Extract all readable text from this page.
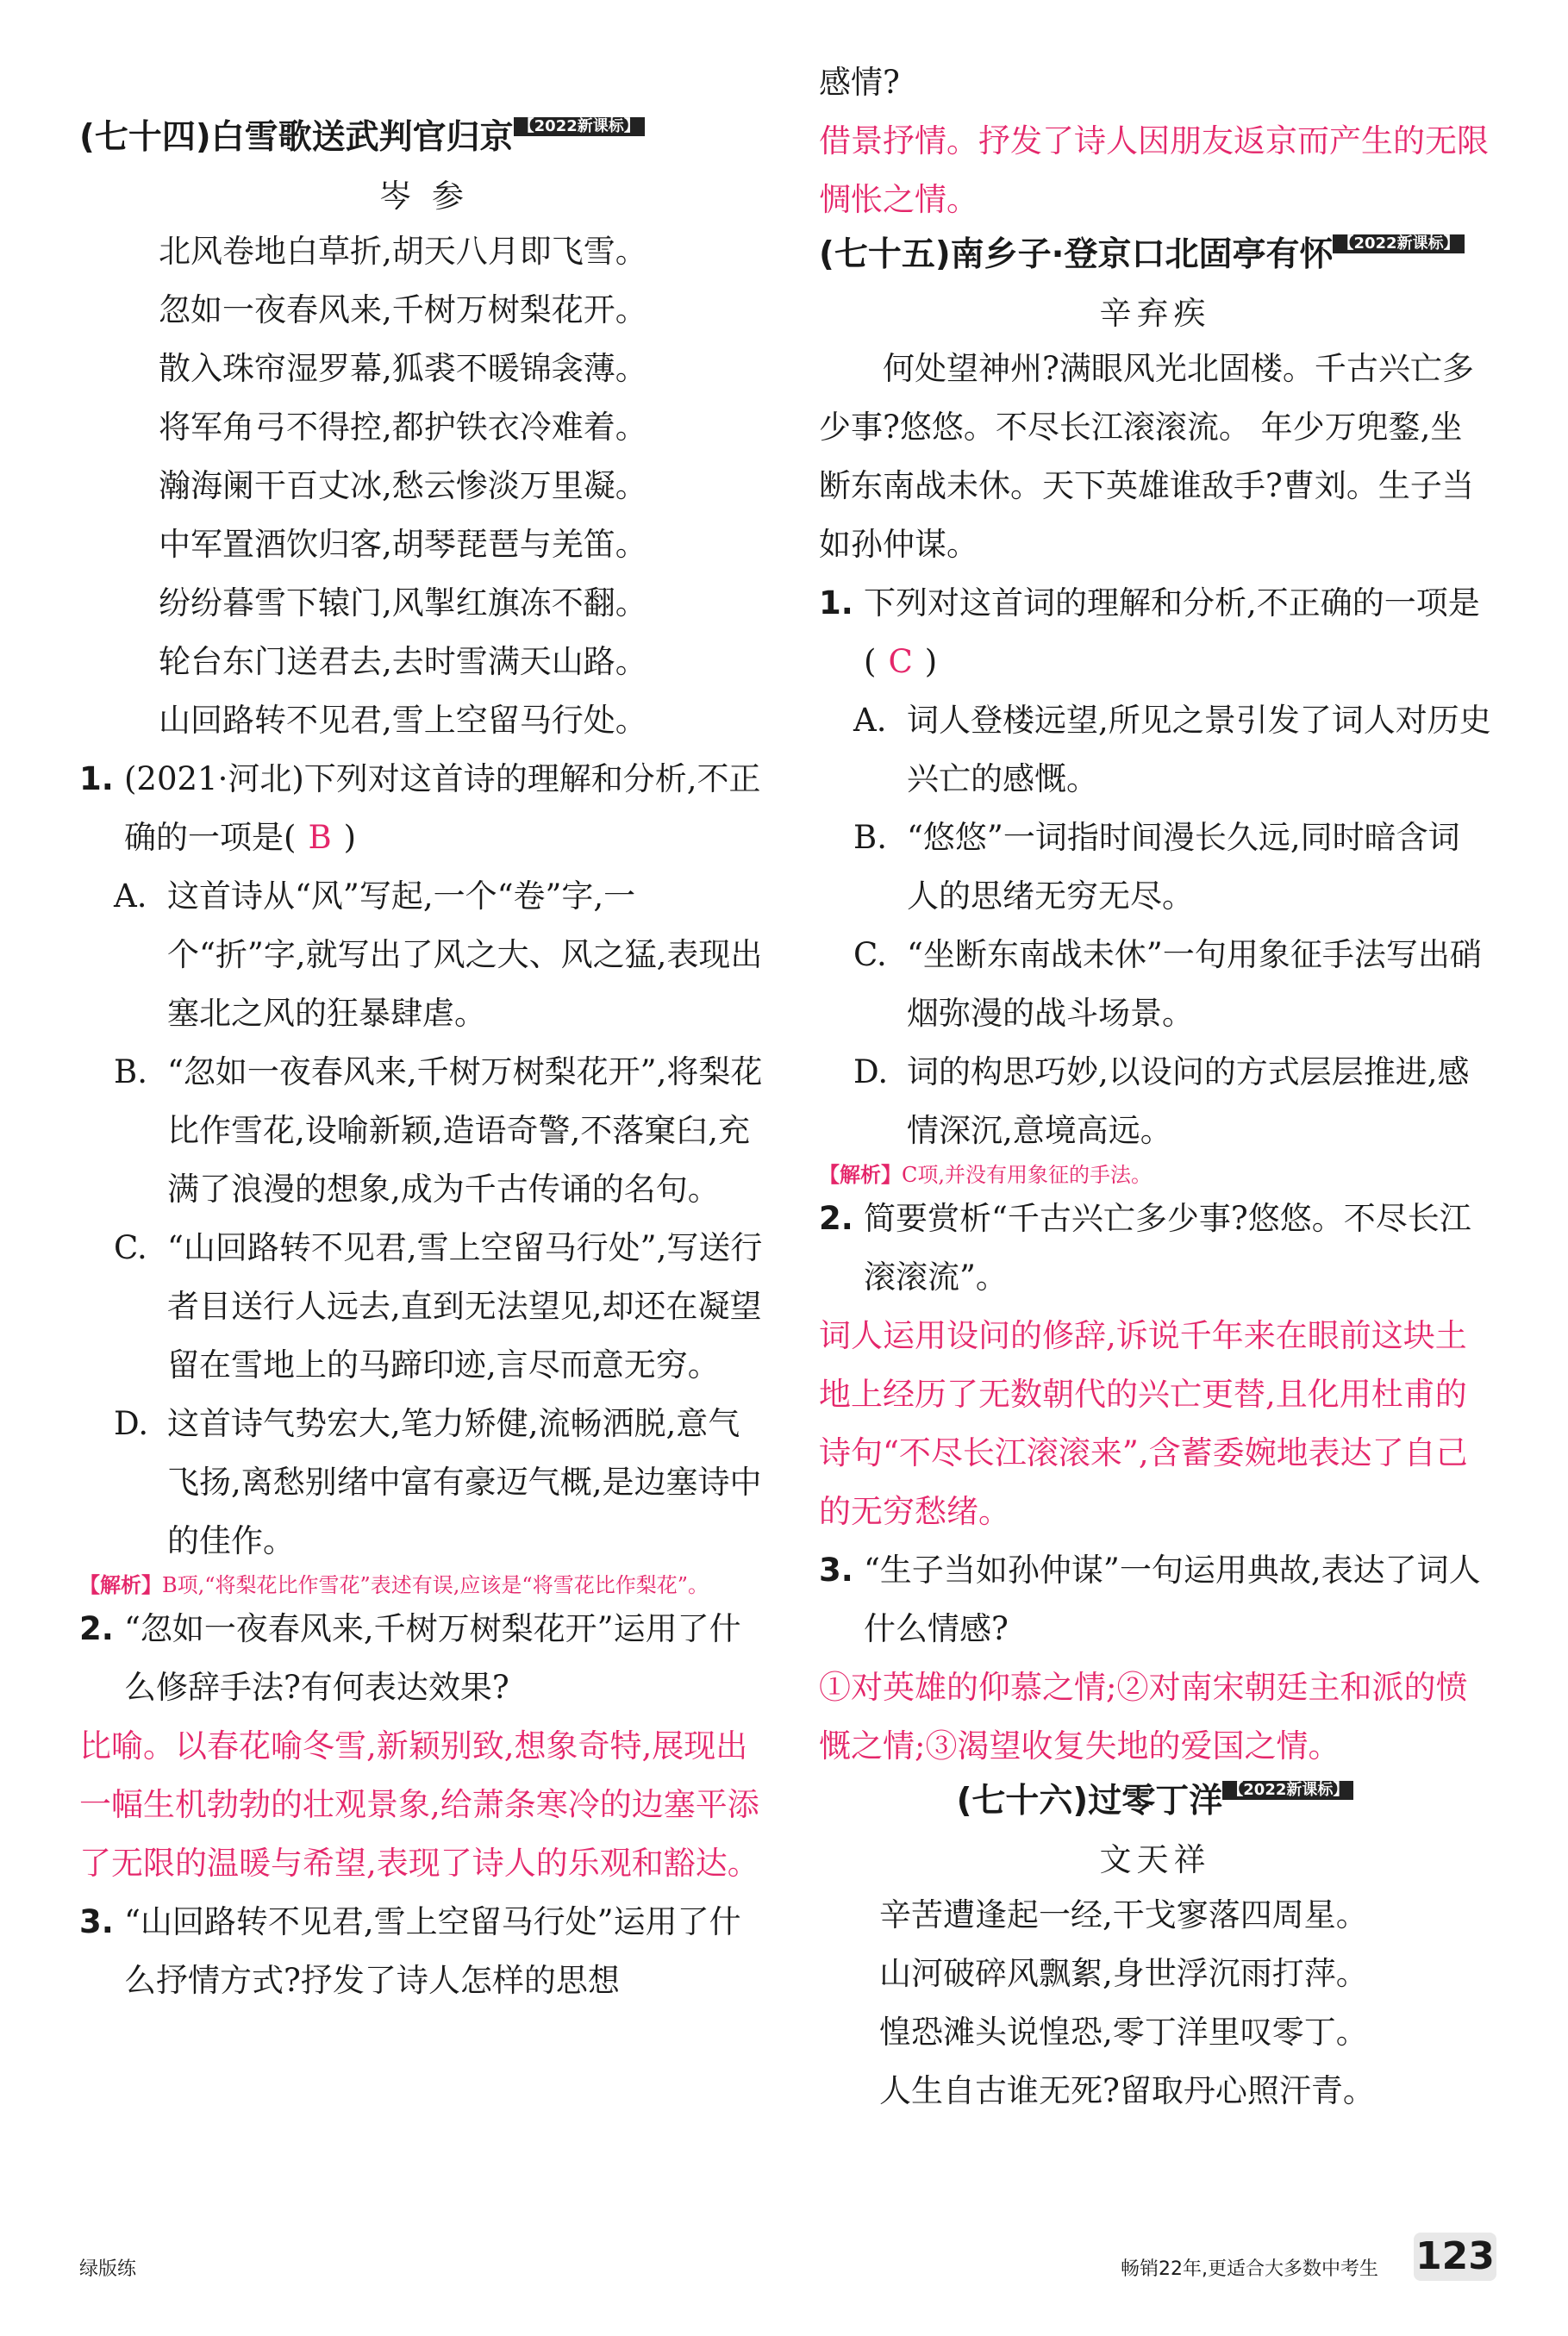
(七十四)白雪歌送武判官归京 【2022新课标】
岑 参
北风卷地白草折,胡天八月即飞雪。
忽如一夜春风来,千树万树梨花开。
散入珠帘湿罗幕,狐裘不暖锦衾薄。
将军角弓不得控,都护铁衣冷难着。
瀚海阑干百丈冰,愁云惨淡万里凝。
中军置酒饮归客,胡琴琵琶与羌笛。
纷纷暮雪下辕门,风掣红旗冻不翻。
轮台东门送君去,去时雪满天山路。
山回路转不见君,雪上空留马行处。
1. (2021·河北)下列对这首诗的理解和分析,不正确的一项是( B )
A. 这首诗从“风”写起,一个“卷”字,一个“折”字,就写出了风之大、风之猛,表现出塞北之风的狂暴肆虐。
B. “忽如一夜春风来,千树万树梨花开”,将梨花比作雪花,设喻新颖,造语奇警,不落窠臼,充满了浪漫的想象,成为千古传诵的名句。
C. “山回路转不见君,雪上空留马行处”,写送行者目送行人远去,直到无法望见,却还在凝望留在雪地上的马蹄印迹,言尽而意无穷。
D. 这首诗气势宏大,笔力矫健,流畅洒脱,意气飞扬,离愁别绪中富有豪迈气概,是边塞诗中的佳作。
【解析】B项,“将梨花比作雪花”表述有误,应该是“将雪花比作梨花”。
2. “忽如一夜春风来,千树万树梨花开”运用了什么修辞手法?有何表达效果?
比喻。以春花喻冬雪,新颖别致,想象奇特,展现出一幅生机勃勃的壮观景象,给萧条寒冷的边塞平添了无限的温暖与希望,表现了诗人的乐观和豁达。
3. “山回路转不见君,雪上空留马行处”运用了什么抒情方式?抒发了诗人怎样的思想
感情?
借景抒情。抒发了诗人因朋友返京而产生的无限惆怅之情。
(七十五)南乡子·登京口北固亭有怀 【2022新课标】
辛弃疾
何处望神州?满眼风光北固楼。千古兴亡多少事?悠悠。不尽长江滚滚流。 年少万兜鍪,坐断东南战未休。天下英雄谁敌手?曹刘。生子当如孙仲谋。
1. 下列对这首词的理解和分析,不正确的一项是( C )
A. 词人登楼远望,所见之景引发了词人对历史兴亡的感慨。
B. “悠悠”一词指时间漫长久远,同时暗含词人的思绪无穷无尽。
C. “坐断东南战未休”一句用象征手法写出硝烟弥漫的战斗场景。
D. 词的构思巧妙,以设问的方式层层推进,感情深沉,意境高远。
【解析】C项,并没有用象征的手法。
2. 简要赏析“千古兴亡多少事?悠悠。不尽长江滚滚流”。
词人运用设问的修辞,诉说千年来在眼前这块土地上经历了无数朝代的兴亡更替,且化用杜甫的诗句“不尽长江滚滚来”,含蓄委婉地表达了自己的无穷愁绪。
3. “生子当如孙仲谋”一句运用典故,表达了词人什么情感?
①对英雄的仰慕之情;②对南宋朝廷主和派的愤慨之情;③渴望收复失地的爱国之情。
(七十六)过零丁洋 【2022新课标】
文天祥
辛苦遭逢起一经,干戈寥落四周星。
山河破碎风飘絮,身世浮沉雨打萍。
惶恐滩头说惶恐,零丁洋里叹零丁。
人生自古谁无死?留取丹心照汗青。
绿版练	畅销22年,更适合大多数中考生 123
